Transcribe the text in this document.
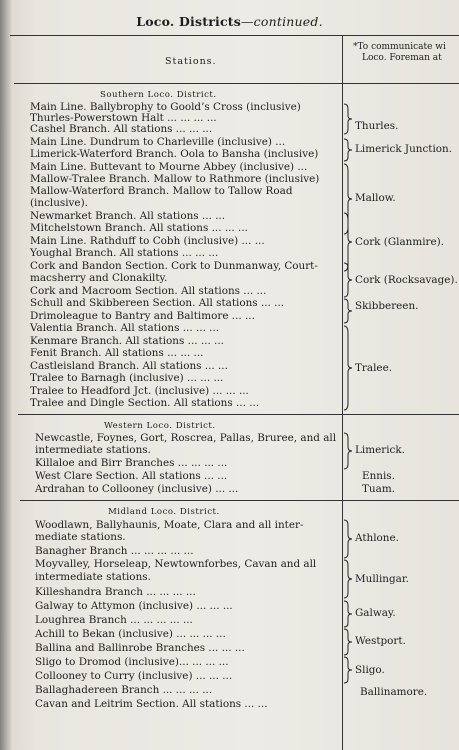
Loco. Districts—continued.
Stations.
*To communicate wi
Loco. Foreman at
Southern Loco. District.
Main Line. Ballybrophy to Goold’s Cross (inclusive)
Thurles-Powerstown Halt ... ... ... ...
Cashel Branch. All stations ... ... ...
Main Line. Dundrum to Charleville (inclusive) ...
Limerick-Waterford Branch. Oola to Bansha (inclusive)
Main Line. Buttevant to Mourne Abbey (inclusive) ...
Mallow-Tralee Branch. Mallow to Rathmore (inclusive)
Mallow-Waterford Branch. Mallow to Tallow Road
(inclusive).
Newmarket Branch. All stations ... ...
Mitchelstown Branch. All stations ... ... ...
Main Line. Rathduff to Cobh (inclusive) ... ...
Youghal Branch. All stations ... ... ...
Cork and Bandon Section. Cork to Dunmanway, Court-
macsherry and Clonakilty.
Cork and Macroom Section. All stations ... ...
Schull and Skibbereen Section. All stations ... ...
Drimoleague to Bantry and Baltimore ... ...
Valentia Branch. All stations ... ... ...
Kenmare Branch. All stations ... ... ...
Fenit Branch. All stations ... ... ...
Castleisland Branch. All stations ... ...
Tralee to Barnagh (inclusive) ... ... ...
Tralee to Headford Jct. (inclusive) ... ... ...
Tralee and Dingle Section. All stations ... ...
Thurles.
Limerick Junction.
Mallow.
Cork (Glanmire).
Cork (Rocksavage).
Skibbereen.
Tralee.
Western Loco. District.
Newcastle, Foynes, Gort, Roscrea, Pallas, Bruree, and all
intermediate stations.
Killaloe and Birr Branches ... ... ... ...
West Clare Section. All stations ... ...
Ardrahan to Collooney (inclusive) ... ...
Limerick.
Ennis.
Tuam.
Midland Loco. District.
Woodlawn, Ballyhaunis, Moate, Clara and all inter-
mediate stations.
Banagher Branch ... ... ... ... ...
Moyvalley, Horseleap, Newtownforbes, Cavan and all
intermediate stations.
Killeshandra Branch ... ... ... ...
Galway to Attymon (inclusive) ... ... ...
Loughrea Branch ... ... ... ... ...
Achill to Bekan (inclusive) ... ... ... ...
Ballina and Ballinrobe Branches ... ... ...
Sligo to Dromod (inclusive)... ... ... ...
Collooney to Curry (inclusive) ... ... ...
Ballaghadereen Branch ... ... ... ...
Cavan and Leitrim Section. All stations ... ...
Athlone.
Mullingar.
Galway.
Westport.
Sligo.
Ballinamore.
